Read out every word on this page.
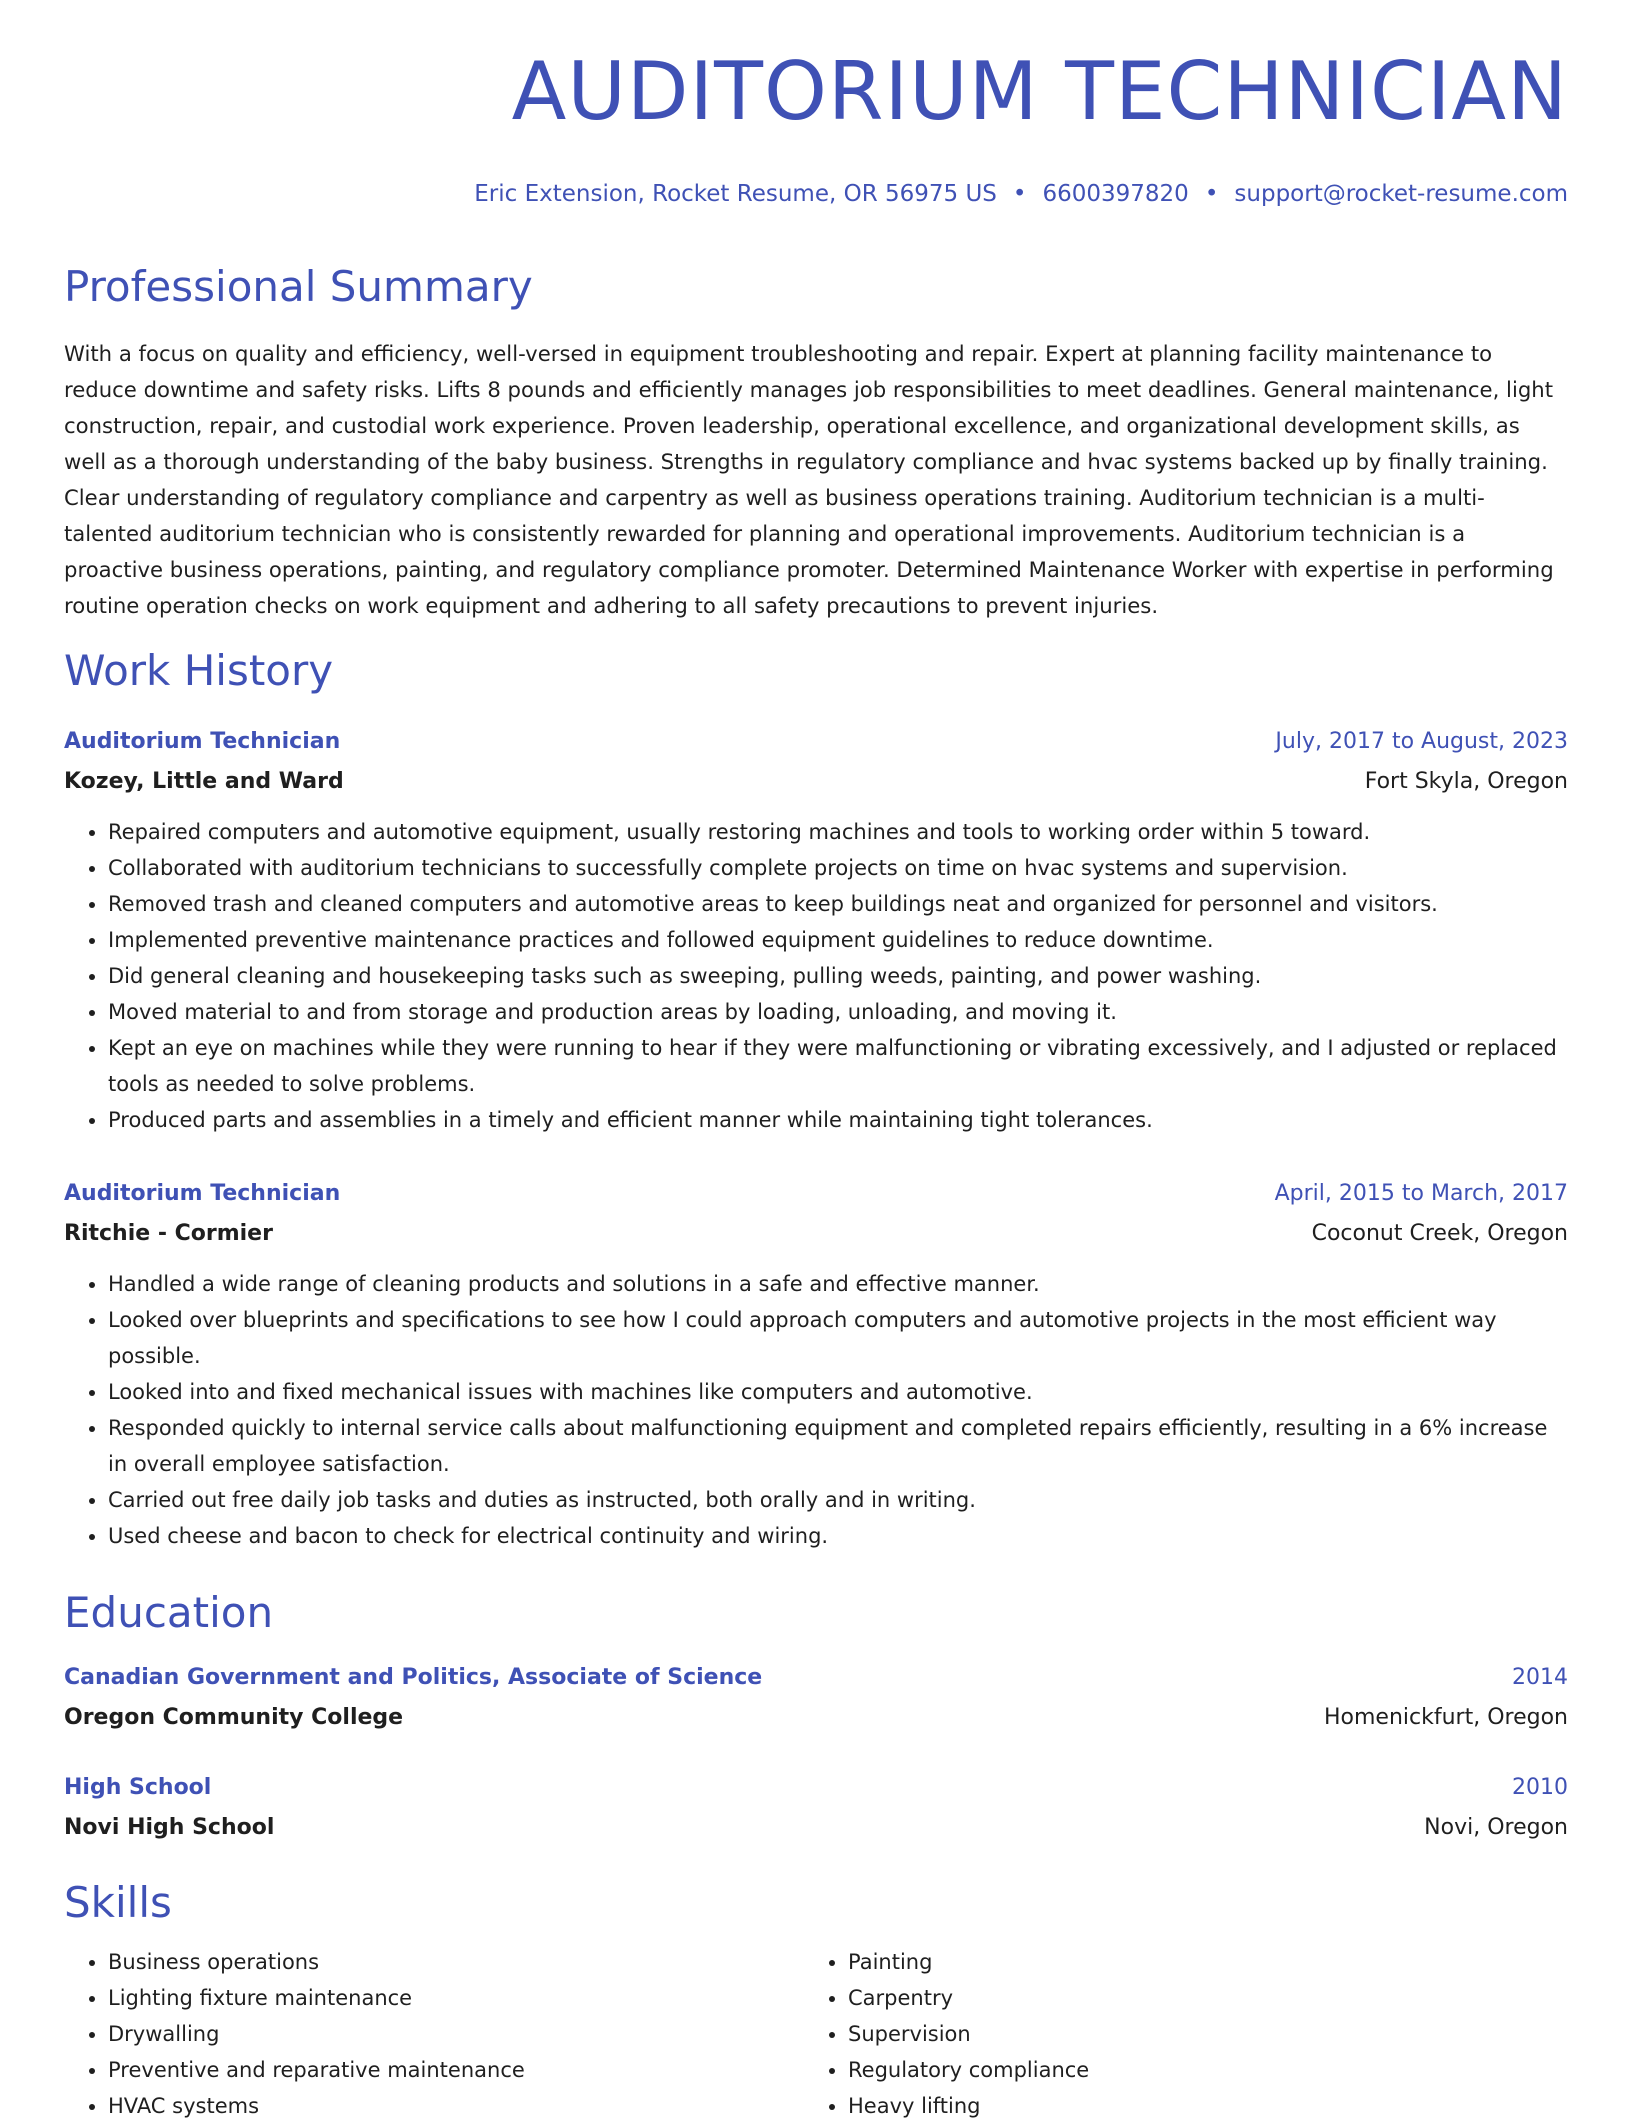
AUDITORIUM TECHNICIAN
Eric Extension, Rocket Resume, OR 56975 US • 6600397820 • support@rocket-resume.com
Professional Summary
With a focus on quality and efficiency, well-versed in equipment troubleshooting and repair. Expert at planning facility maintenance to reduce downtime and safety risks. Lifts 8 pounds and efficiently manages job responsibilities to meet deadlines. General maintenance, light construction, repair, and custodial work experience. Proven leadership, operational excellence, and organizational development skills, as well as a thorough understanding of the baby business. Strengths in regulatory compliance and hvac systems backed up by finally training. Clear understanding of regulatory compliance and carpentry as well as business operations training. Auditorium technician is a multi-talented auditorium technician who is consistently rewarded for planning and operational improvements. Auditorium technician is a proactive business operations, painting, and regulatory compliance promoter. Determined Maintenance Worker with expertise in performing routine operation checks on work equipment and adhering to all safety precautions to prevent injuries.
Work History
Auditorium Technician	July, 2017 to August, 2023
Kozey, Little and Ward	Fort Skyla, Oregon
• Repaired computers and automotive equipment, usually restoring machines and tools to working order within 5 toward.
• Collaborated with auditorium technicians to successfully complete projects on time on hvac systems and supervision.
• Removed trash and cleaned computers and automotive areas to keep buildings neat and organized for personnel and visitors.
• Implemented preventive maintenance practices and followed equipment guidelines to reduce downtime.
• Did general cleaning and housekeeping tasks such as sweeping, pulling weeds, painting, and power washing.
• Moved material to and from storage and production areas by loading, unloading, and moving it.
• Kept an eye on machines while they were running to hear if they were malfunctioning or vibrating excessively, and I adjusted or replaced tools as needed to solve problems.
• Produced parts and assemblies in a timely and efficient manner while maintaining tight tolerances.
Auditorium Technician	April, 2015 to March, 2017
Ritchie - Cormier	Coconut Creek, Oregon
• Handled a wide range of cleaning products and solutions in a safe and effective manner.
• Looked over blueprints and specifications to see how I could approach computers and automotive projects in the most efficient way possible.
• Looked into and fixed mechanical issues with machines like computers and automotive.
• Responded quickly to internal service calls about malfunctioning equipment and completed repairs efficiently, resulting in a 6% increase in overall employee satisfaction.
• Carried out free daily job tasks and duties as instructed, both orally and in writing.
• Used cheese and bacon to check for electrical continuity and wiring.
Education
Canadian Government and Politics, Associate of Science	2014
Oregon Community College	Homenickfurt, Oregon
High School	2010
Novi High School	Novi, Oregon
Skills
• Business operations
• Lighting fixture maintenance
• Drywalling
• Preventive and reparative maintenance
• HVAC systems
• Painting
• Carpentry
• Supervision
• Regulatory compliance
• Heavy lifting
